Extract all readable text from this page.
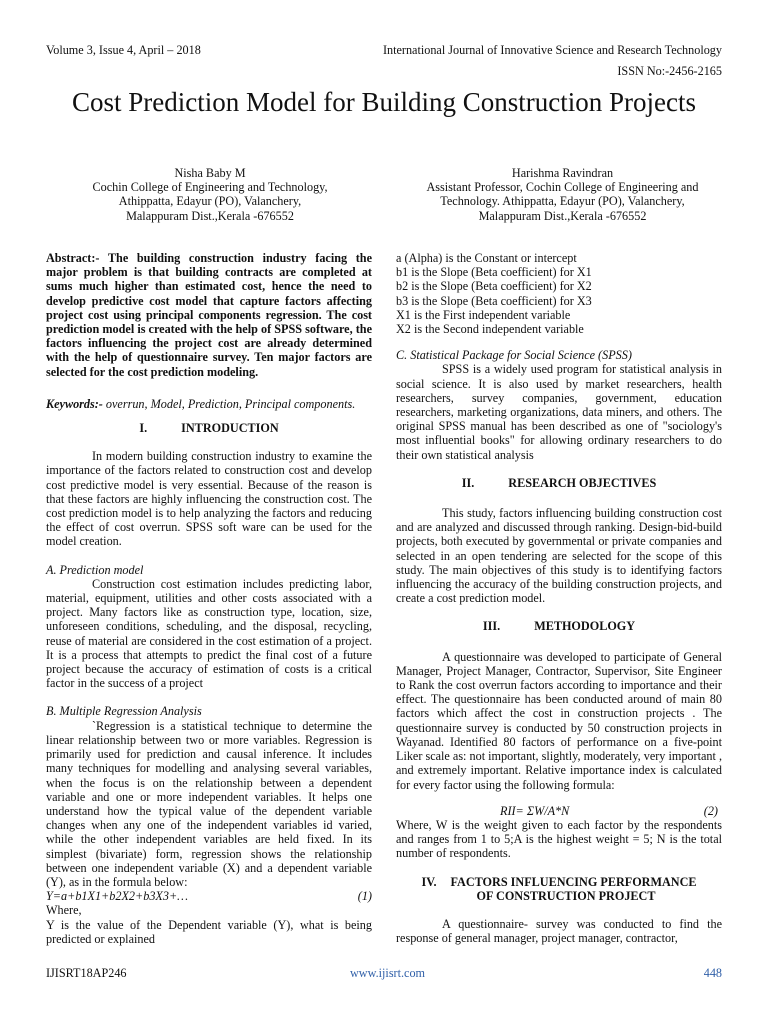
Volume 3, Issue 4, April – 2018	International Journal of Innovative Science and Research Technology
ISSN No:-2456-2165
Cost Prediction Model for Building Construction Projects
Nisha Baby M
Cochin College of Engineering and Technology,
Athippatta, Edayur (PO), Valanchery,
Malappuram Dist.,Kerala -676552
Harishma Ravindran
Assistant Professor, Cochin College of Engineering and
Technology. Athippatta, Edayur (PO), Valanchery,
Malappuram Dist.,Kerala -676552

Abstract:- The building construction industry facing the major problem is that building contracts are completed at sums much higher than estimated cost, hence the need to develop predictive cost model that capture factors affecting project cost using principal components regression. The cost prediction model is created with the help of SPSS software, the factors influencing the project cost are already determined with the help of questionnaire survey. Ten major factors are selected for the cost prediction modeling.

Keywords:- overrun, Model, Prediction, Principal components.

I.	INTRODUCTION

In modern building construction industry to examine the importance of the factors related to construction cost and develop cost predictive model is very essential. Because of the reason is that these factors are highly influencing the construction cost. The cost prediction model is to help analyzing the factors and reducing the effect of cost overrun. SPSS soft ware can be used for the model creation.

A. Prediction model

Construction cost estimation includes predicting labor, material, equipment, utilities and other costs associated with a project. Many factors like as construction type, location, size, unforeseen conditions, scheduling, and the disposal, recycling, reuse of material are considered in the cost estimation of a project. It is a process that attempts to predict the final cost of a future project because the accuracy of estimation of costs is a critical factor in the success of a project

B. Multiple Regression Analysis

`Regression is a statistical technique to determine the linear relationship between two or more variables. Regression is primarily used for prediction and causal inference. It includes many techniques for modelling and analysing several variables, when the focus is on the relationship between a dependent variable and one or more independent variables. It helps one understand how the typical value of the dependent variable changes when any one of the independent variables id varied, while the other independent variables are held fixed. In its simplest (bivariate) form, regression shows the relationship between one independent variable (X) and a dependent variable (Y), as in the formula below:

Y=a+b1X1+b2X2+b3X3+…	(1)

Where,

Y is the value of the Dependent variable (Y), what is being predicted or explained

a (Alpha) is the Constant or intercept
b1 is the Slope (Beta coefficient) for X1
b2 is the Slope (Beta coefficient) for X2
b3 is the Slope (Beta coefficient) for X3
X1 is the First independent variable
X2 is the Second independent variable

C. Statistical Package for Social Science (SPSS)

SPSS is a widely used program for statistical analysis in social science. It is also used by market researchers, health researchers, survey companies, government, education researchers, marketing organizations, data miners, and others. The original SPSS manual has been described as one of "sociology's most influential books" for allowing ordinary researchers to do their own statistical analysis

II.	RESEARCH OBJECTIVES

This study, factors influencing building construction cost and are analyzed and discussed through ranking. Design-bid-build projects, both executed by governmental or private companies and selected in an open tendering are selected for the scope of this study. The main objectives of this study is to identifying factors influencing the accuracy of the building construction projects, and create a cost prediction model.

III.	METHODOLOGY

A questionnaire was developed to participate of General Manager, Project Manager, Contractor, Supervisor, Site Engineer to Rank the cost overrun factors according to importance and their effect. The questionnaire has been conducted around of main 80 factors which affect the cost in construction projects . The questionnaire survey is conducted by 50 construction projects in Wayanad. Identified 80 factors of performance on a five-point Liker scale as: not important, slightly, moderately, very important , and extremely important. Relative importance index is calculated for every factor using the following formula:

RII= ΣW/A*N	(2)

Where, W is the weight given to each factor by the respondents and ranges from 1 to 5;A is the highest weight = 5; N is the total number of respondents.

IV. FACTORS INFLUENCING PERFORMANCE
OF CONSTRUCTION PROJECT

A questionnaire- survey was conducted to find the response of general manager, project manager, contractor,

IJISRT18AP246	www.ijisrt.com	448
